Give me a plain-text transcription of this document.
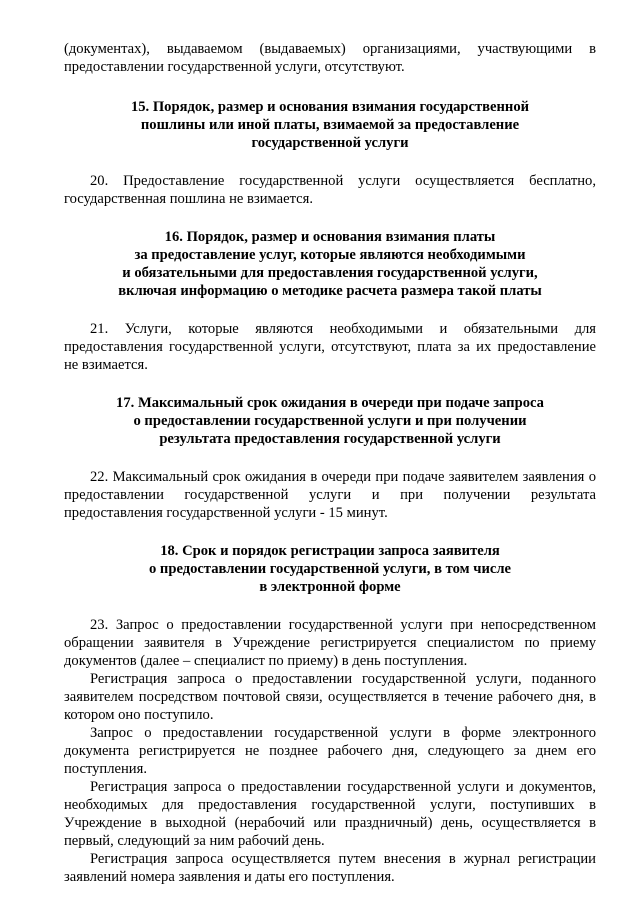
(документах), выдаваемом (выдаваемых) организациями, участвующими в предоставлении государственной услуги, отсутствуют.

15. Порядок, размер и основания взимания государственной
пошлины или иной платы, взимаемой за предоставление
государственной услуги

20. Предоставление государственной услуги осуществляется бесплатно, государственная пошлина не взимается.

16. Порядок, размер и основания взимания платы
за предоставление услуг, которые являются необходимыми
и обязательными для предоставления государственной услуги,
включая информацию о методике расчета размера такой платы

21. Услуги, которые являются необходимыми и обязательными для предоставления государственной услуги, отсутствуют, плата за их предоставление не взимается.

17. Максимальный срок ожидания в очереди при подаче запроса
о предоставлении государственной услуги и при получении
результата предоставления государственной услуги

22. Максимальный срок ожидания в очереди при подаче заявителем заявления о предоставлении государственной услуги и при получении результата предоставления государственной услуги - 15 минут.

18. Срок и порядок регистрации запроса заявителя
о предоставлении государственной услуги, в том числе
в электронной форме

23. Запрос о предоставлении государственной услуги при непосредственном обращении заявителя в Учреждение регистрируется специалистом по приему документов (далее – специалист по приему) в день поступления.

Регистрация запроса о предоставлении государственной услуги, поданного заявителем посредством почтовой связи, осуществляется в течение рабочего дня, в котором оно поступило.

Запрос о предоставлении государственной услуги в форме электронного документа регистрируется не позднее рабочего дня, следующего за днем его поступления.

Регистрация запроса о предоставлении государственной услуги и документов, необходимых для предоставления государственной услуги, поступивших в Учреждение в выходной (нерабочий или праздничный) день, осуществляется в первый, следующий за ним рабочий день.

Регистрация запроса осуществляется путем внесения в журнал регистрации заявлений номера заявления и даты его поступления.
